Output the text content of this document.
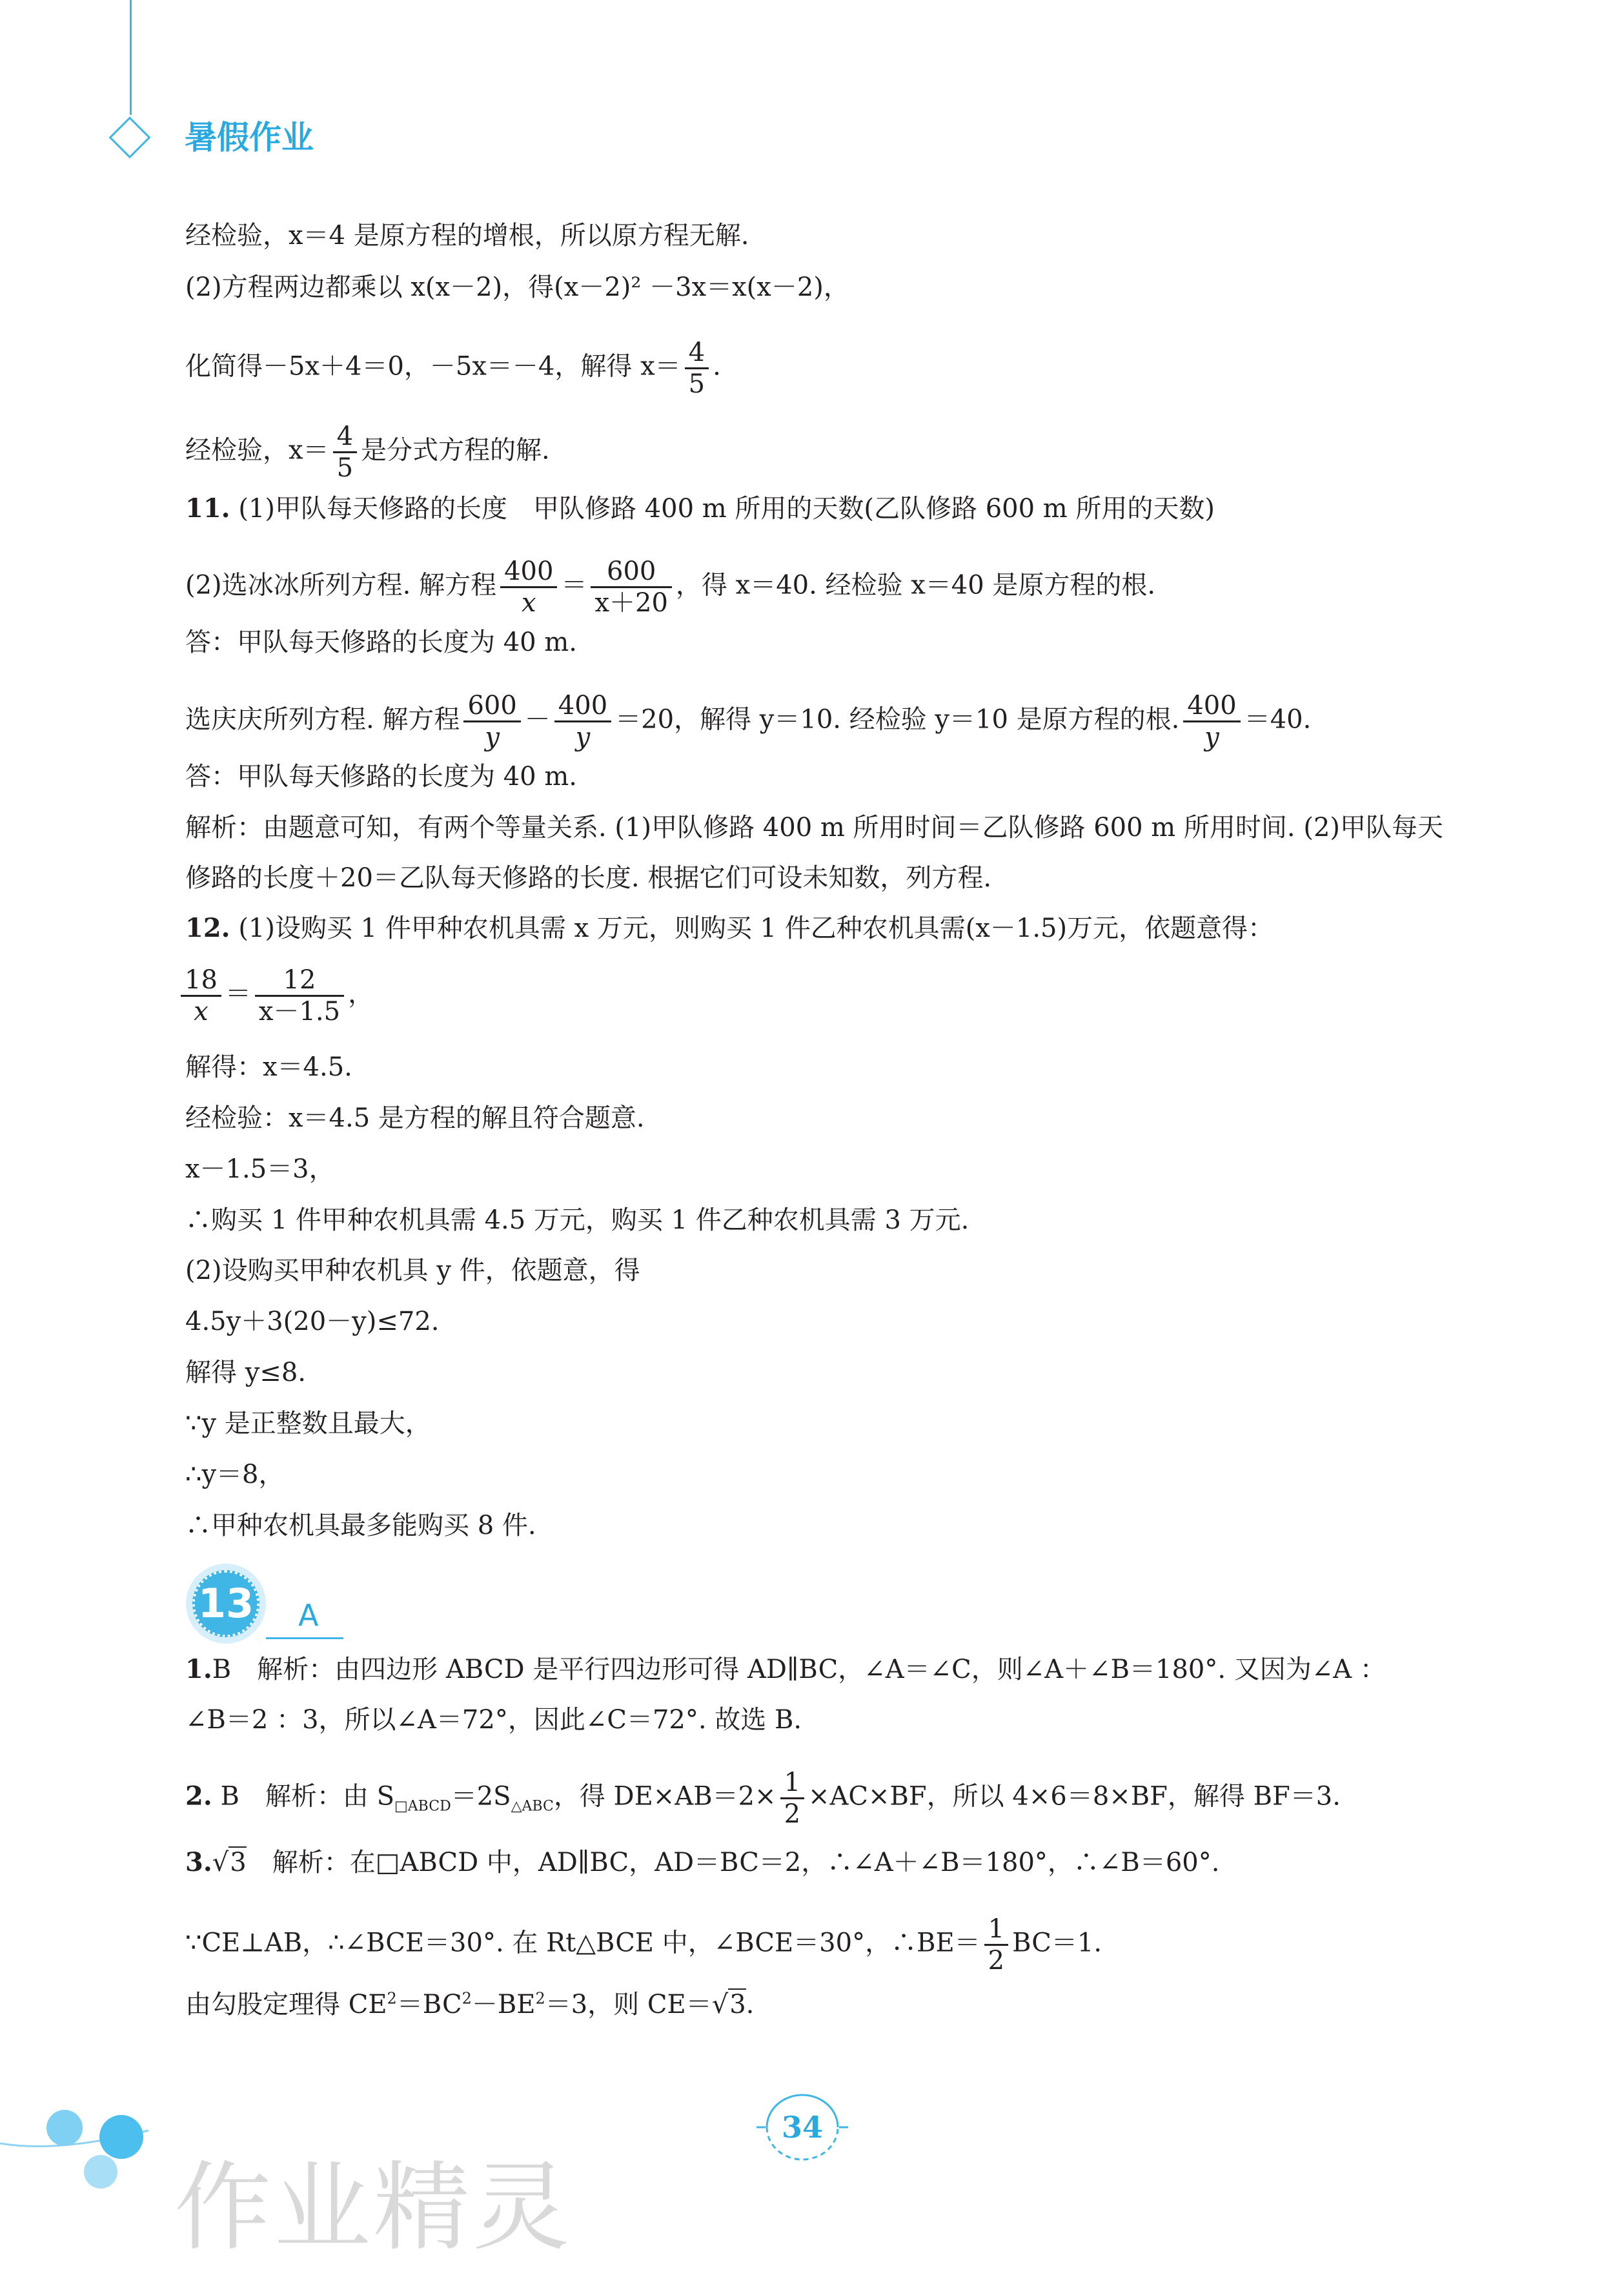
暑假作业
经检验，x＝4 是原方程的增根，所以原方程无解.
(2)方程两边都乘以 x(x－2)，得(x－2)² －3x＝x(x－2)，
化简得－5x＋4＝0，－5x＝－4，解得 $x= \frac{4}{5}$ .
经检验，$x= \frac{4}{5}$ 是分式方程的解.
11. (1)甲队每天修路的长度　甲队修路 400 m 所用的天数(乙队修路 600 m 所用的天数)
(2)选冰冰所列方程. 解方程 $\frac{400}{x} = \frac{600}{x+20}$ ，得 x＝40. 经检验 x＝40 是原方程的根.
答：甲队每天修路的长度为 40 m.
选庆庆所列方程. 解方程 $\frac{600}{y} - \frac{400}{y} =20$，解得 y＝10. 经检验 y＝10 是原方程的根. $\frac{400}{y} =40$.
答：甲队每天修路的长度为 40 m.
解析：由题意可知，有两个等量关系. (1)甲队修路 400 m 所用时间＝乙队修路 600 m 所用时间. (2)甲队每天
修路的长度＋20＝乙队每天修路的长度. 根据它们可设未知数，列方程.
12. (1)设购买 1 件甲种农机具需 x 万元，则购买 1 件乙种农机具需(x－1.5)万元，依题意得：
$\frac{18}{x} = \frac{12}{x-1.5}$ ，
解得：x＝4.5.
经检验：x＝4.5 是方程的解且符合题意.
x－1.5＝3，
∴购买 1 件甲种农机具需 4.5 万元，购买 1 件乙种农机具需 3 万元.
(2)设购买甲种农机具 y 件，依题意，得
4.5y＋3(20－y)≤72.
解得 y≤8.
∵y 是正整数且最大，
∴y＝8，
∴甲种农机具最多能购买 8 件.
13 A
1.B　解析：由四边形 ABCD 是平行四边形可得 AD∥BC，∠A＝∠C，则∠A＋∠B＝180°. 又因为∠A ：
∠B＝2 ：3，所以∠A＝72°，因此∠C＝72°. 故选 B.
2. B　解析：由 $S_{□ABCD}=2S_{\triangle ABC}$，得 $DE\times AB=2\times \frac{1}{2} \times AC\times BF$，所以 4×6＝8×BF，解得 BF＝3.
3.√3　解析：在□ABCD 中，AD∥BC，AD＝BC＝2，∴∠A＋∠B＝180°，∴∠B＝60°.
∵CE⊥AB，∴∠BCE＝30°. 在 Rt△BCE 中，∠BCE＝30°，∴BE＝ $\frac{1}{2} BC=1$.
由勾股定理得 $CE^2=BC^2-BE^2=3$，则 CE＝√3.
34
作业精灵
